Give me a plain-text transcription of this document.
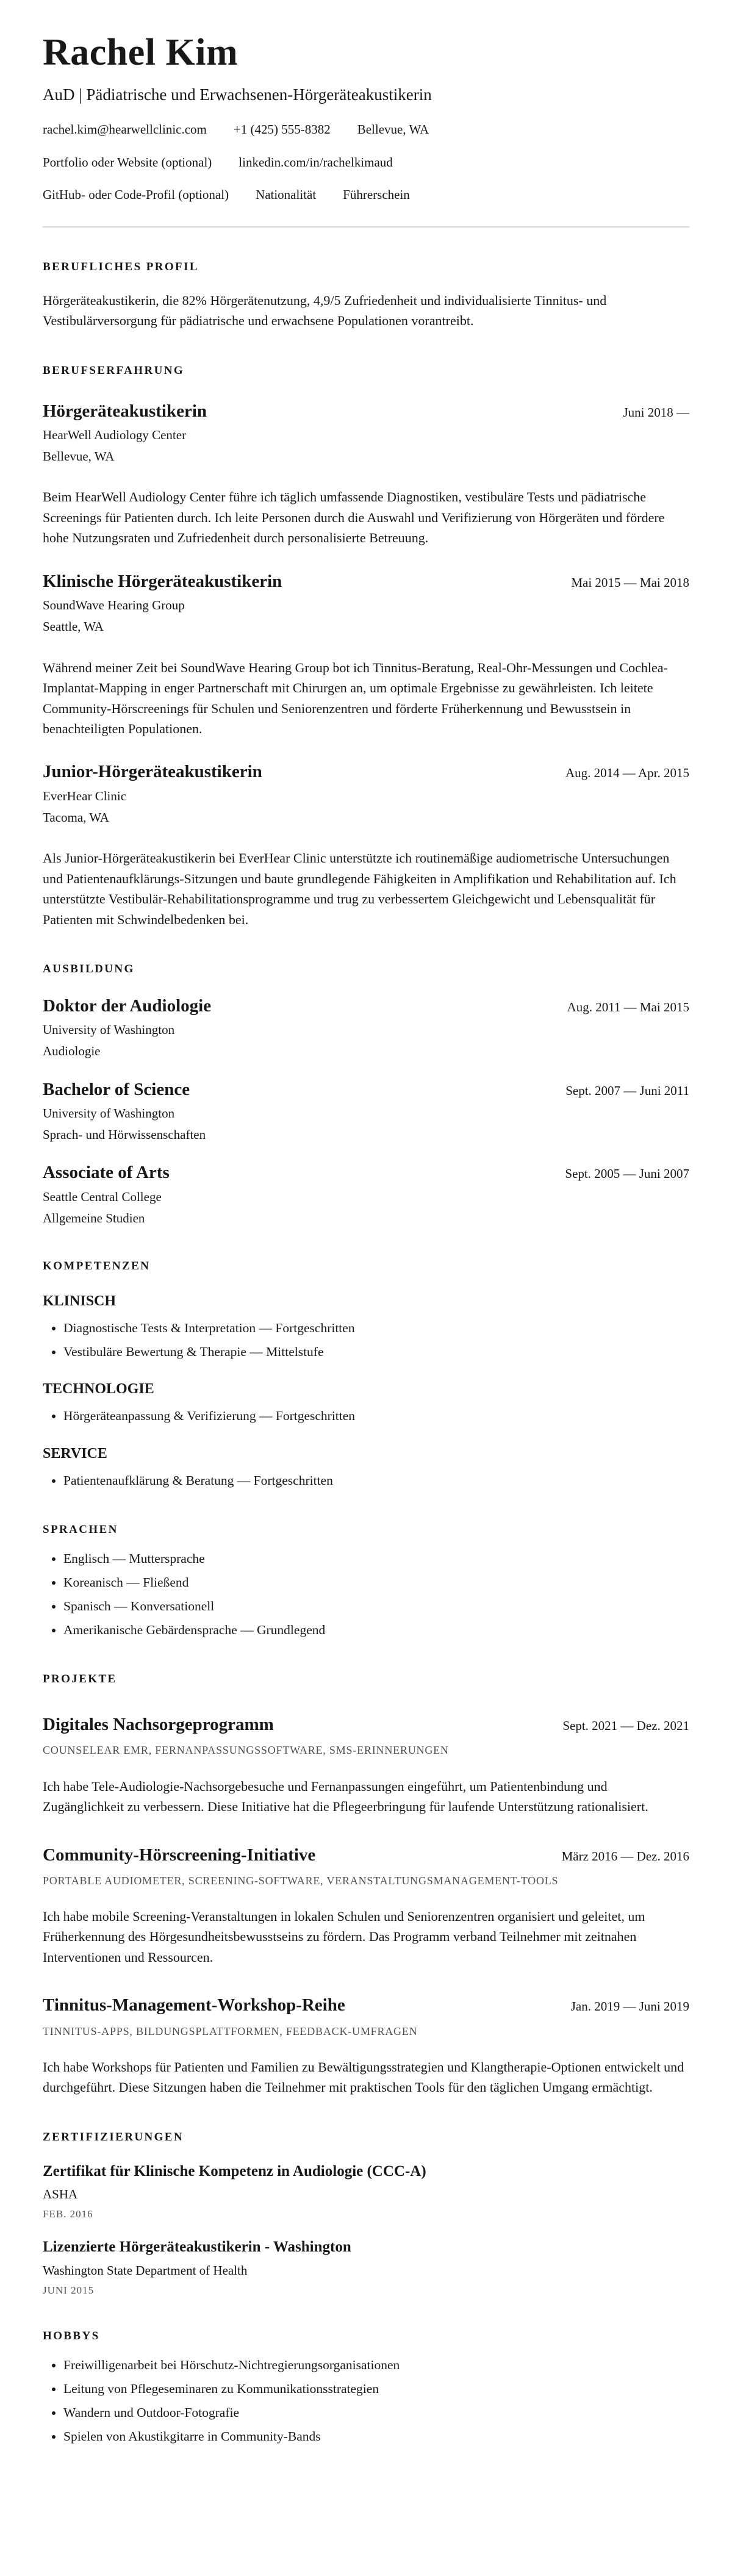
Rachel Kim
AuD | Pädiatrische und Erwachsenen-Hörgeräteakustikerin
rachel.kim@hearwellclinic.com +1 (425) 555-8382 Bellevue, WA
Portfolio oder Website (optional) linkedin.com/in/rachelkimaud
GitHub- oder Code-Profil (optional) Nationalität Führerschein
BERUFLICHES PROFIL

Hörgeräteakustikerin, die 82% Hörgerätenutzung, 4,9/5 Zufriedenheit und individualisierte Tinnitus- und Vestibulärversorgung für pädiatrische und erwachsene Populationen vorantreibt.

BERUFSERFAHRUNG
Hörgeräteakustikerin	Juni 2018 —
HearWell Audiology Center
Bellevue, WA

Beim HearWell Audiology Center führe ich täglich umfassende Diagnostiken, vestibuläre Tests und pädiatrische Screenings für Patienten durch. Ich leite Personen durch die Auswahl und Verifizierung von Hörgeräten und fördere hohe Nutzungsraten und Zufriedenheit durch personalisierte Betreuung.

Klinische Hörgeräteakustikerin	Mai 2015 — Mai 2018
SoundWave Hearing Group
Seattle, WA

Während meiner Zeit bei SoundWave Hearing Group bot ich Tinnitus-Beratung, Real-Ohr-Messungen und Cochlea-Implantat-Mapping in enger Partnerschaft mit Chirurgen an, um optimale Ergebnisse zu gewährleisten. Ich leitete Community-Hörscreenings für Schulen und Seniorenzentren und förderte Früherkennung und Bewusstsein in benachteiligten Populationen.

Junior-Hörgeräteakustikerin	Aug. 2014 — Apr. 2015
EverHear Clinic
Tacoma, WA

Als Junior-Hörgeräteakustikerin bei EverHear Clinic unterstützte ich routinemäßige audiometrische Untersuchungen und Patientenaufklärungs-Sitzungen und baute grundlegende Fähigkeiten in Amplifikation und Rehabilitation auf. Ich unterstützte Vestibulär-Rehabilitationsprogramme und trug zu verbessertem Gleichgewicht und Lebensqualität für Patienten mit Schwindelbedenken bei.

AUSBILDUNG
Doktor der Audiologie	Aug. 2011 — Mai 2015
University of Washington
Audiologie
Bachelor of Science	Sept. 2007 — Juni 2011
University of Washington
Sprach- und Hörwissenschaften
Associate of Arts	Sept. 2005 — Juni 2007
Seattle Central College
Allgemeine Studien
KOMPETENZEN
KLINISCH
• Diagnostische Tests & Interpretation — Fortgeschritten
• Vestibuläre Bewertung & Therapie — Mittelstufe
TECHNOLOGIE
• Hörgeräteanpassung & Verifizierung — Fortgeschritten
SERVICE
• Patientenaufklärung & Beratung — Fortgeschritten
SPRACHEN
• Englisch — Muttersprache
• Koreanisch — Fließend
• Spanisch — Konversationell
• Amerikanische Gebärdensprache — Grundlegend
PROJEKTE
Digitales Nachsorgeprogramm	Sept. 2021 — Dez. 2021
COUNSELEAR EMR, FERNANPASSUNGSSOFTWARE, SMS-ERINNERUNGEN

Ich habe Tele-Audiologie-Nachsorgebesuche und Fernanpassungen eingeführt, um Patientenbindung und Zugänglichkeit zu verbessern. Diese Initiative hat die Pflegeerbringung für laufende Unterstützung rationalisiert.

Community-Hörscreening-Initiative	März 2016 — Dez. 2016
PORTABLE AUDIOMETER, SCREENING-SOFTWARE, VERANSTALTUNGSMANAGEMENT-TOOLS

Ich habe mobile Screening-Veranstaltungen in lokalen Schulen und Seniorenzentren organisiert und geleitet, um Früherkennung des Hörgesundheitsbewusstseins zu fördern. Das Programm verband Teilnehmer mit zeitnahen Interventionen und Ressourcen.

Tinnitus-Management-Workshop-Reihe	Jan. 2019 — Juni 2019
TINNITUS-APPS, BILDUNGSPLATTFORMEN, FEEDBACK-UMFRAGEN

Ich habe Workshops für Patienten und Familien zu Bewältigungsstrategien und Klangtherapie-Optionen entwickelt und durchgeführt. Diese Sitzungen haben die Teilnehmer mit praktischen Tools für den täglichen Umgang ermächtigt.

ZERTIFIZIERUNGEN
Zertifikat für Klinische Kompetenz in Audiologie (CCC-A)
ASHA
FEB. 2016
Lizenzierte Hörgeräteakustikerin - Washington
Washington State Department of Health
JUNI 2015
HOBBYS
• Freiwilligenarbeit bei Hörschutz-Nichtregierungsorganisationen
• Leitung von Pflegeseminaren zu Kommunikationsstrategien
• Wandern und Outdoor-Fotografie
• Spielen von Akustikgitarre in Community-Bands
